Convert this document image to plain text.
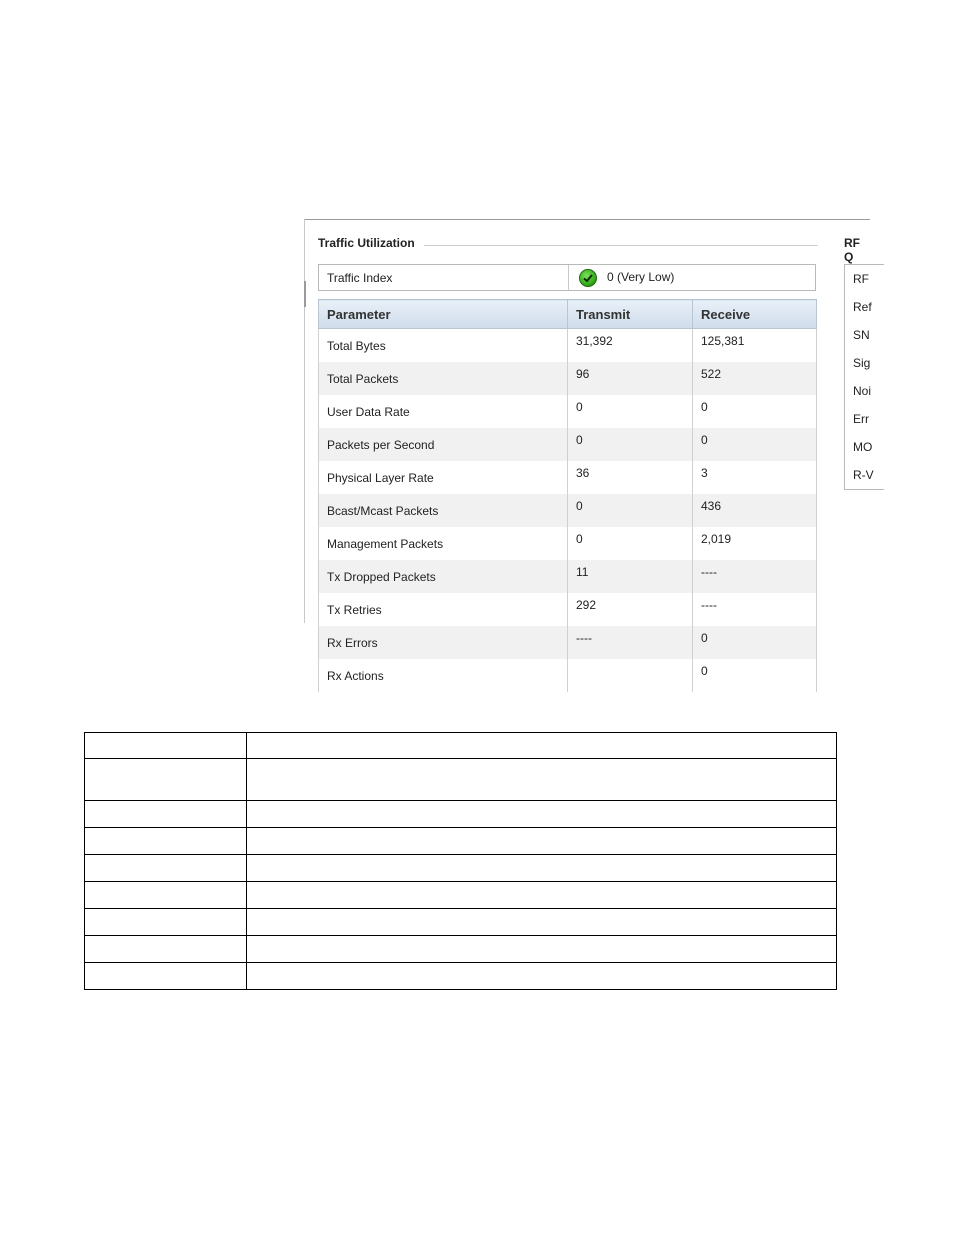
Traffic Utilization	RF Q
Traffic Index	0 (Very Low)
Parameter	Transmit	Receive
Total Bytes	31,392	125,381
Total Packets	96	522
User Data Rate	0	0
Packets per Second	0	0
Physical Layer Rate	36	3
Bcast/Mcast Packets	0	436
Management Packets	0	2,019
Tx Dropped Packets	11	----
Tx Retries	292	----
Rx Errors	----	0
Rx Actions		0
RF
Ref
SN
Sig
Noi
Err
MO
R-V
